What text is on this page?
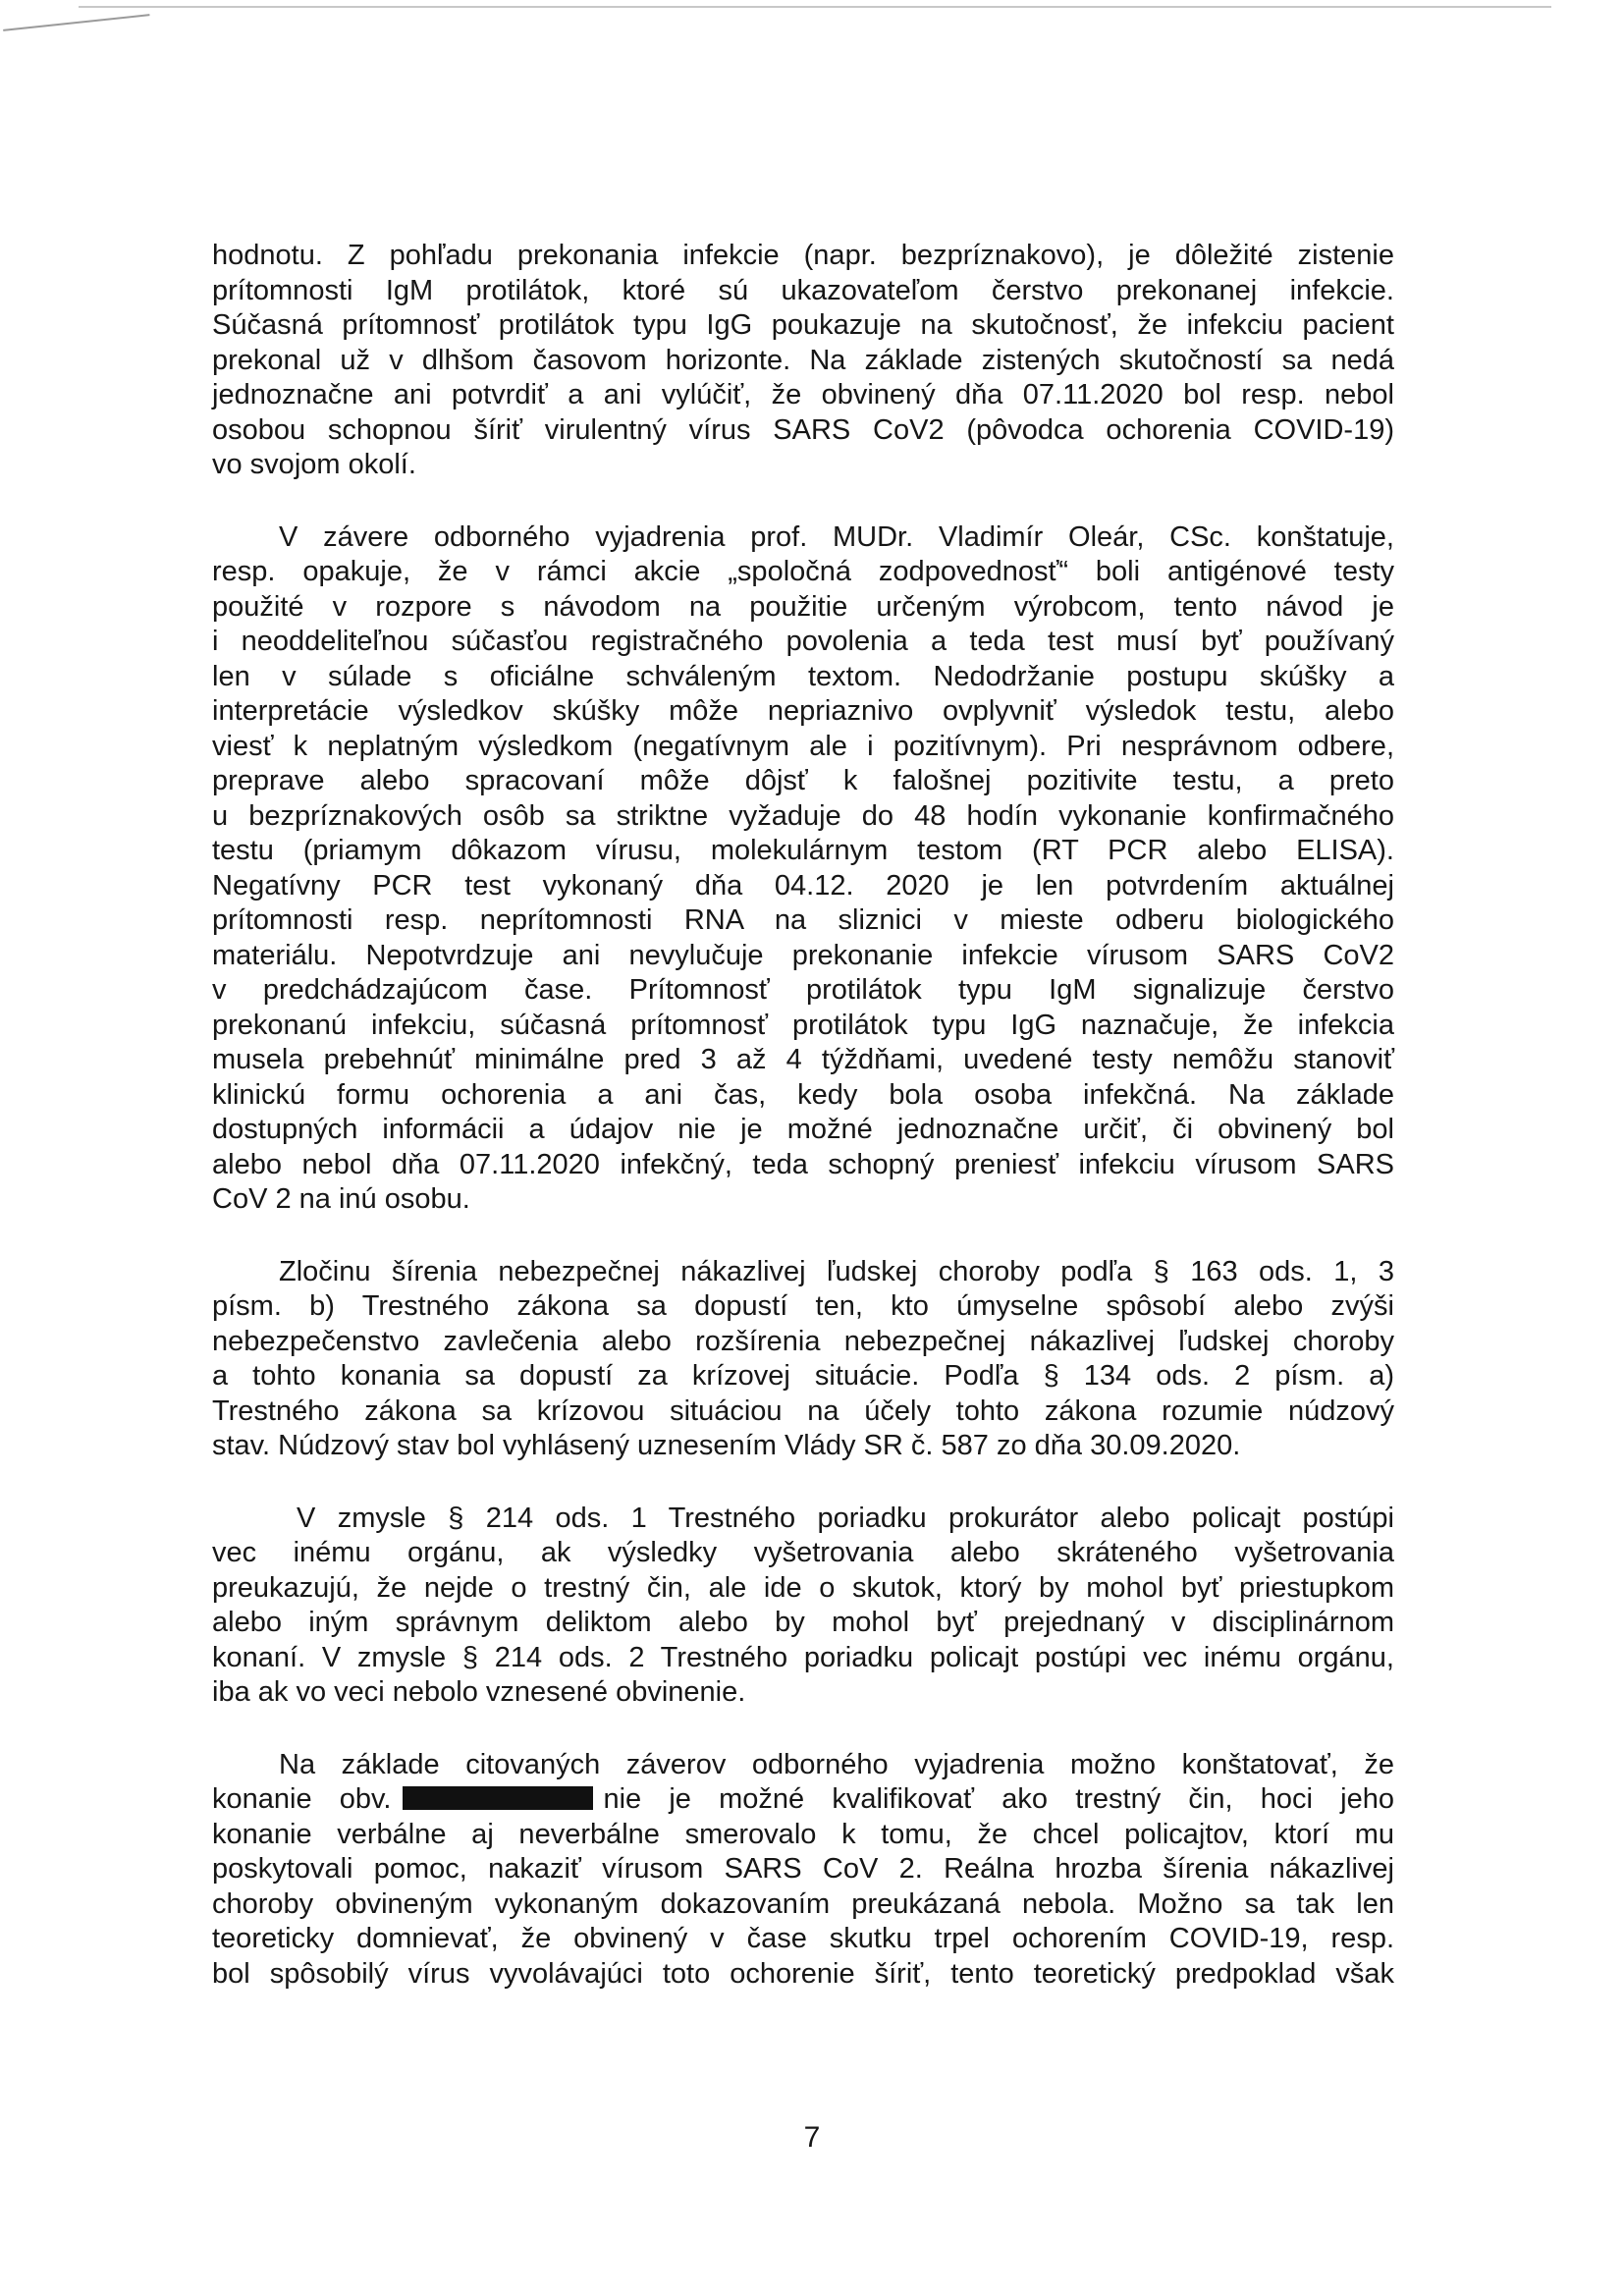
hodnotu. Z pohľadu prekonania infekcie (napr. bezpríznakovo), je dôležité zistenie
prítomnosti IgM protilátok, ktoré sú ukazovateľom čerstvo prekonanej infekcie.
Súčasná prítomnosť protilátok typu IgG poukazuje na skutočnosť, že infekciu pacient
prekonal už v dlhšom časovom horizonte. Na základe zistených skutočností sa nedá
jednoznačne ani potvrdiť a ani vylúčiť, že obvinený dňa 07.11.2020 bol resp. nebol
osobou schopnou šíriť virulentný vírus SARS CoV2 (pôvodca ochorenia COVID-19)
vo svojom okolí.
V závere odborného vyjadrenia prof. MUDr. Vladimír Oleár, CSc. konštatuje,
resp. opakuje, že v rámci akcie „spoločná zodpovednosť“ boli antigénové testy
použité v rozpore s návodom na použitie určeným výrobcom, tento návod je
i neoddeliteľnou súčasťou registračného povolenia a teda test musí byť používaný
len v súlade s oficiálne schváleným textom. Nedodržanie postupu skúšky a
interpretácie výsledkov skúšky môže nepriaznivo ovplyvniť výsledok testu, alebo
viesť k neplatným výsledkom (negatívnym ale i pozitívnym). Pri nesprávnom odbere,
preprave alebo spracovaní môže dôjsť k falošnej pozitivite testu, a preto
u bezpríznakových osôb sa striktne vyžaduje do 48 hodín vykonanie konfirmačného
testu (priamym dôkazom vírusu, molekulárnym testom (RT PCR alebo ELISA).
Negatívny PCR test vykonaný dňa 04.12. 2020 je len potvrdením aktuálnej
prítomnosti resp. neprítomnosti RNA na sliznici v mieste odberu biologického
materiálu. Nepotvrdzuje ani nevylučuje prekonanie infekcie vírusom SARS CoV2
v predchádzajúcom čase. Prítomnosť protilátok typu IgM signalizuje čerstvo
prekonanú infekciu, súčasná prítomnosť protilátok typu IgG naznačuje, že infekcia
musela prebehnúť minimálne pred 3 až 4 týždňami, uvedené testy nemôžu stanoviť
klinickú formu ochorenia a ani čas, kedy bola osoba infekčná. Na základe
dostupných informácii a údajov nie je možné jednoznačne určiť, či obvinený bol
alebo nebol dňa 07.11.2020 infekčný, teda schopný preniesť infekciu vírusom SARS
CoV 2 na inú osobu.
Zločinu šírenia nebezpečnej nákazlivej ľudskej choroby podľa § 163 ods. 1, 3
písm. b) Trestného zákona sa dopustí ten, kto úmyselne spôsobí alebo zvýši
nebezpečenstvo zavlečenia alebo rozšírenia nebezpečnej nákazlivej ľudskej choroby
a tohto konania sa dopustí za krízovej situácie. Podľa § 134 ods. 2 písm. a)
Trestného zákona sa krízovou situáciou na účely tohto zákona rozumie núdzový
stav. Núdzový stav bol vyhlásený uznesením Vlády SR č. 587 zo dňa 30.09.2020.
V zmysle § 214 ods. 1 Trestného poriadku prokurátor alebo policajt postúpi
vec inému orgánu, ak výsledky vyšetrovania alebo skráteného vyšetrovania
preukazujú, že nejde o trestný čin, ale ide o skutok, ktorý by mohol byť priestupkom
alebo iným správnym deliktom alebo by mohol byť prejednaný v disciplinárnom
konaní. V zmysle § 214 ods. 2 Trestného poriadku policajt postúpi vec inému orgánu,
iba ak vo veci nebolo vznesené obvinenie.
Na základe citovaných záverov odborného vyjadrenia možno konštatovať, že
konanie obv.	nie je možné kvalifikovať ako trestný čin, hoci jeho
konanie verbálne aj neverbálne smerovalo k tomu, že chcel policajtov, ktorí mu
poskytovali pomoc, nakaziť vírusom SARS CoV 2. Reálna hrozba šírenia nákazlivej
choroby obvineným vykonaným dokazovaním preukázaná nebola. Možno sa tak len
teoreticky domnievať, že obvinený v čase skutku trpel ochorením COVID-19, resp.
bol spôsobilý vírus vyvolávajúci toto ochorenie šíriť, tento teoretický predpoklad však
7
